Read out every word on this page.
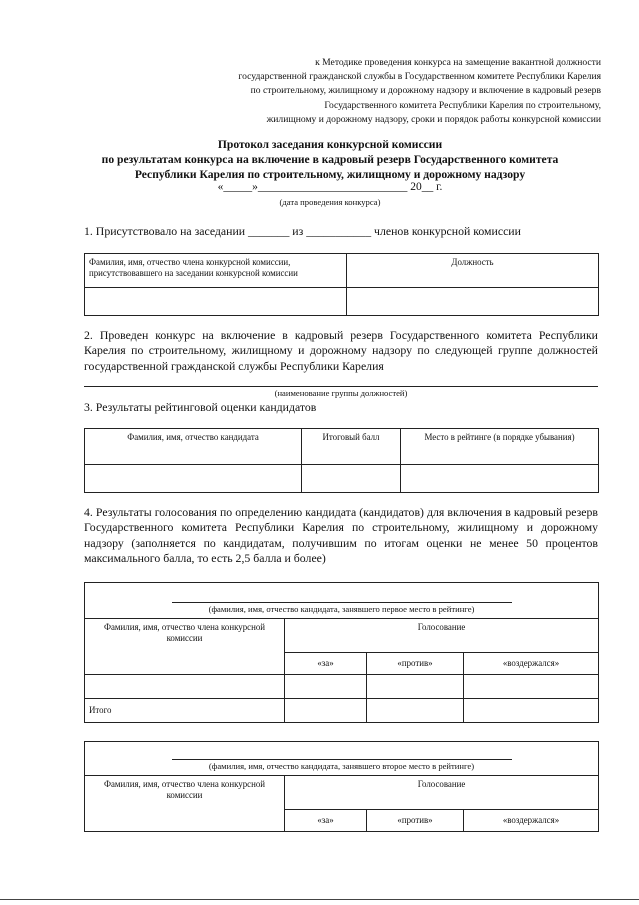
к Методике проведения конкурса на замещение вакантной должности
государственной гражданской службы в Государственном комитете Республики Карелия
по строительному, жилищному и дорожному надзору и включение в кадровый резерв
Государственного комитета Республики Карелия по строительному,
жилищному и дорожному надзору, сроки и порядок работы конкурсной комиссии
Протокол заседания конкурсной комиссии
по результатам конкурса на включение в кадровый резерв Государственного комитета
Республики Карелия по строительному, жилищному и дорожному надзору
«_____»__________________________ 20__ г.
(дата проведения конкурса)
1. Присутствовало на заседании _______ из ___________ членов конкурсной комиссии
Фамилия, имя, отчество члена конкурсной комиссии, присутствовавшего на заседании конкурсной комиссии	Должность

2. Проведен конкурс на включение в кадровый резерв Государственного комитета Республики Карелия по строительному, жилищному и дорожному надзору по следующей группе должностей государственной гражданской службы Республики Карелия
(наименование группы должностей)
3. Результаты рейтинговой оценки кандидатов
Фамилия, имя, отчество кандидата	Итоговый балл	Место в рейтинге (в порядке убывания)

4. Результаты голосования по определению кандидата (кандидатов) для включения в кадровый резерв Государственного комитета Республики Карелия по строительному, жилищному и дорожному надзору (заполняется по кандидатам, получившим по итогам оценки не менее 50 процентов максимального балла, то есть 2,5 балла и более)
(фамилия, имя, отчество кандидата, занявшего первое место в рейтинге)			

Фамилия, имя, отчество члена конкурсной комиссии	Голосование		
	«за»	«против»	«воздержался»

Итого			
(фамилия, имя, отчество кандидата, занявшего второе место в рейтинге)			

Фамилия, имя, отчество члена конкурсной комиссии	Голосование		
	«за»	«против»	«воздержался»
